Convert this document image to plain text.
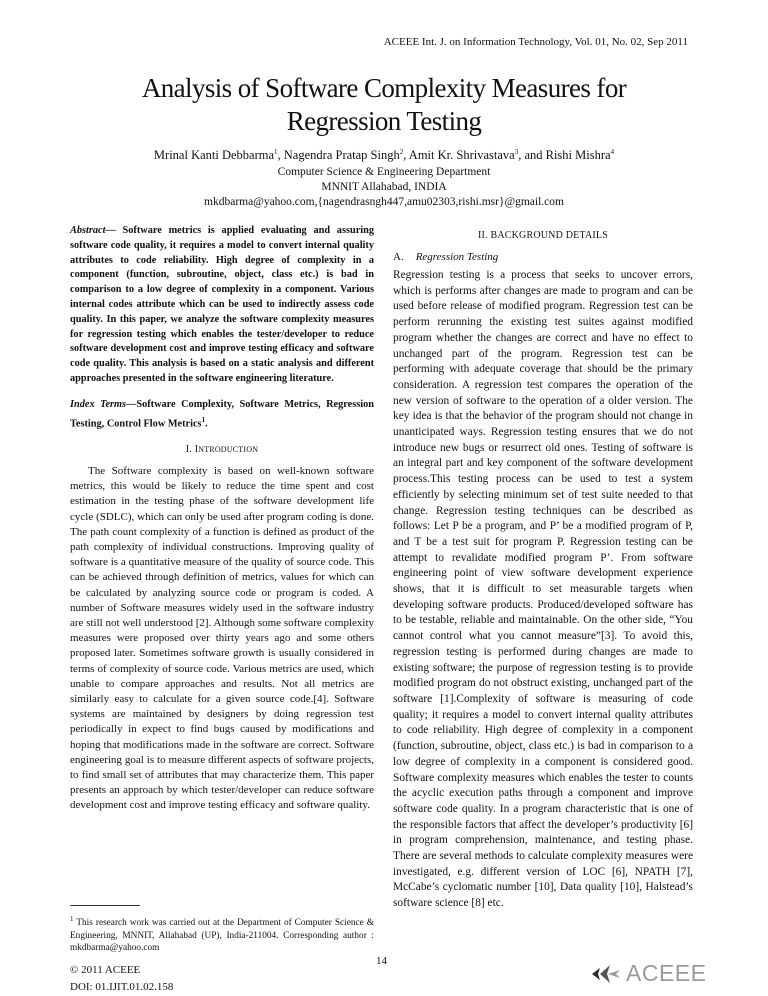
ACEEE Int. J. on Information Technology, Vol. 01, No. 02, Sep 2011
Analysis of Software Complexity Measures for
Regression Testing
Mrinal Kanti Debbarma$^1$, Nagendra Pratap Singh$^2$, Amit Kr. Shrivastava$^3$, and Rishi Mishra$^4$
Computer Science & Engineering Department
MNNIT Allahabad, INDIA
mkdbarma@yahoo.com,{nagendrasngh447,amu02303,rishi.msr}@gmail.com
Abstract— Software metrics is applied evaluating and assuring software code quality, it requires a model to convert internal quality attributes to code reliability. High degree of complexity in a component (function, subroutine, object, class etc.) is bad in comparison to a low degree of complexity in a component. Various internal codes attribute which can be used to indirectly assess code quality. In this paper, we analyze the software complexity measures for regression testing which enables the tester/developer to reduce software development cost and improve testing efficacy and software code quality. This analysis is based on a static analysis and different approaches presented in the software engineering literature.
Index Terms—Software Complexity, Software Metrics, Regression Testing, Control Flow Metrics$^1$.
I. INTRODUCTION

The Software complexity is based on well-known software metrics, this would be likely to reduce the time spent and cost estimation in the testing phase of the software development life cycle (SDLC), which can only be used after program coding is done. The path count complexity of a function is defined as product of the path complexity of individual constructions. Improving quality of software is a quantitative measure of the quality of source code. This can be achieved through definition of metrics, values for which can be calculated by analyzing source code or program is coded. A number of Software measures widely used in the software industry are still not well understood [2]. Although some software complexity measures were proposed over thirty years ago and some others proposed later. Sometimes software growth is usually considered in terms of complexity of source code. Various metrics are used, which unable to compare approaches and results. Not all metrics are similarly easy to calculate for a given source code.[4]. Software systems are maintained by designers by doing regression test periodically in expect to find bugs caused by modifications and hoping that modifications made in the software are correct. Software engineering goal is to measure different aspects of software projects, to find small set of attributes that may characterize them. This paper presents an approach by which tester/developer can reduce software development cost and improve testing efficacy and software quality.

II. BACKGROUND DETAILS
A. Regression Testing

Regression testing is a process that seeks to uncover errors, which is performs after changes are made to program and can be used before release of modified program. Regression test can be perform rerunning the existing test suites against modified program whether the changes are correct and have no effect to unchanged part of the program. Regression test can be performing with adequate coverage that should be the primary consideration. A regression test compares the operation of the new version of software to the operation of a older version. The key idea is that the behavior of the program should not change in unanticipated ways. Regression testing ensures that we do not introduce new bugs or resurrect old ones. Testing of software is an integral part and key component of the software development process.This testing process can be used to test a system efficiently by selecting minimum set of test suite needed to that change. Regression testing techniques can be described as follows: Let P be a program, and P’ be a modified program of P, and T be a test suit for program P. Regression testing can be attempt to revalidate modified program P’. From software engineering point of view software development experience shows, that it is difficult to set measurable targets when developing software products. Produced/developed software has to be testable, reliable and maintainable. On the other side, “You cannot control what you cannot measure”[3]. To avoid this, regression testing is performed during changes are made to existing software; the purpose of regression testing is to provide modified program do not obstruct existing, unchanged part of the software [1].Complexity of software is measuring of code quality; it requires a model to convert internal quality attributes to code reliability. High degree of complexity in a component (function, subroutine, object, class etc.) is bad in comparison to a low degree of complexity in a component is considered good. Software complexity measures which enables the tester to counts the acyclic execution paths through a component and improve software code quality. In a program characteristic that is one of the responsible factors that affect the developer’s productivity [6] in program comprehension, maintenance, and testing phase. There are several methods to calculate complexity measures were investigated, e.g. different version of LOC [6], NPATH [7], McCabe’s cyclomatic number [10], Data quality [10], Halstead’s software science [8] etc.

$^1$ This research work was carried out at the Department of Computer Science & Engineering, MNNIT, Allahabad (UP), India-211004. Corresponding author : mkdbarma@yahoo.com
14
© 2011 ACEEE
DOI: 01.IJIT.01.02.158
ACEEE
